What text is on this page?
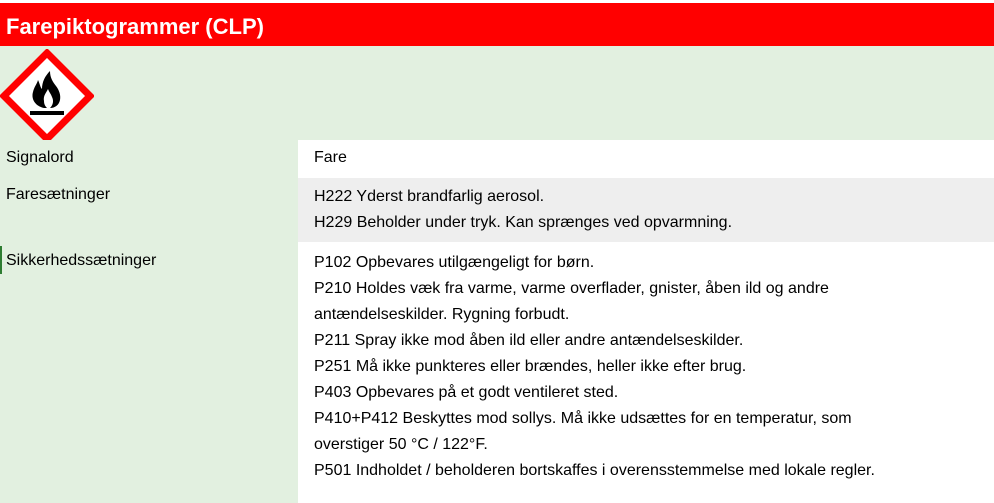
Farepiktogrammer (CLP)
Signalord
Faresætninger
Sikkerhedssætninger
Fare
H222 Yderst brandfarlig aerosol.
H229 Beholder under tryk. Kan sprænges ved opvarmning.
P102 Opbevares utilgængeligt for børn.
P210 Holdes væk fra varme, varme overflader, gnister, åben ild og andre
antændelseskilder. Rygning forbudt.
P211 Spray ikke mod åben ild eller andre antændelseskilder.
P251 Må ikke punkteres eller brændes, heller ikke efter brug.
P403 Opbevares på et godt ventileret sted.
P410+P412 Beskyttes mod sollys. Må ikke udsættes for en temperatur, som
overstiger 50 °C / 122°F.
P501 Indholdet / beholderen bortskaffes i overensstemmelse med lokale regler.
